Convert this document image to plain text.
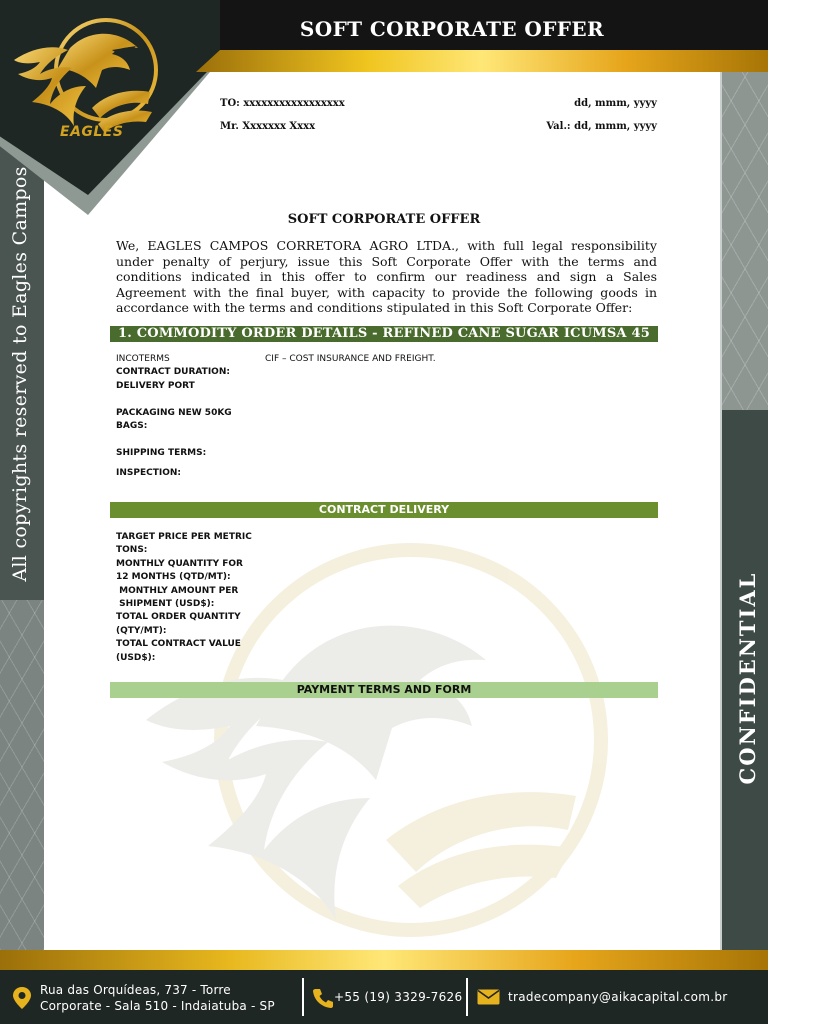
All copyrights reserved to Eagles Campos
CONFIDENTIAL DOCUMENT
EAGLES
SOFT CORPORATE OFFER
TO: xxxxxxxxxxxxxxxxx
Mr. Xxxxxxx Xxxx
dd, mmm, yyyy
Val.: dd, mmm, yyyy
SOFT CORPORATE OFFER
We, EAGLES CAMPOS CORRETORA AGRO LTDA., with full legal responsibility under penalty of perjury, issue this Soft Corporate Offer with the terms and conditions indicated in this offer to confirm our readiness and sign a Sales Agreement with the final buyer, with capacity to provide the following goods in accordance with the terms and conditions stipulated in this Soft Corporate Offer:
1. COMMODITY ORDER DETAILS - REFINED CANE SUGAR ICUMSA 45
INCOTERMS
CONTRACT DURATION:
DELIVERY PORT
PACKAGING NEW 50KG
BAGS:
SHIPPING TERMS:
INSPECTION:
CIF – COST INSURANCE AND FREIGHT.
CONTRACT DELIVERY
TARGET PRICE PER METRIC
TONS:
MONTHLY QUANTITY FOR
12 MONTHS (QTD/MT):
MONTHLY AMOUNT PER
SHIPMENT (USD$):
TOTAL ORDER QUANTITY
(QTY/MT):
TOTAL CONTRACT VALUE
(USD$):
PAYMENT TERMS AND FORM
Rua das Orquídeas, 737 - Torre
Corporate - Sala 510 - Indaiatuba - SP
+55 (19) 3329-7626	tradecompany@aikacapital.com.br
